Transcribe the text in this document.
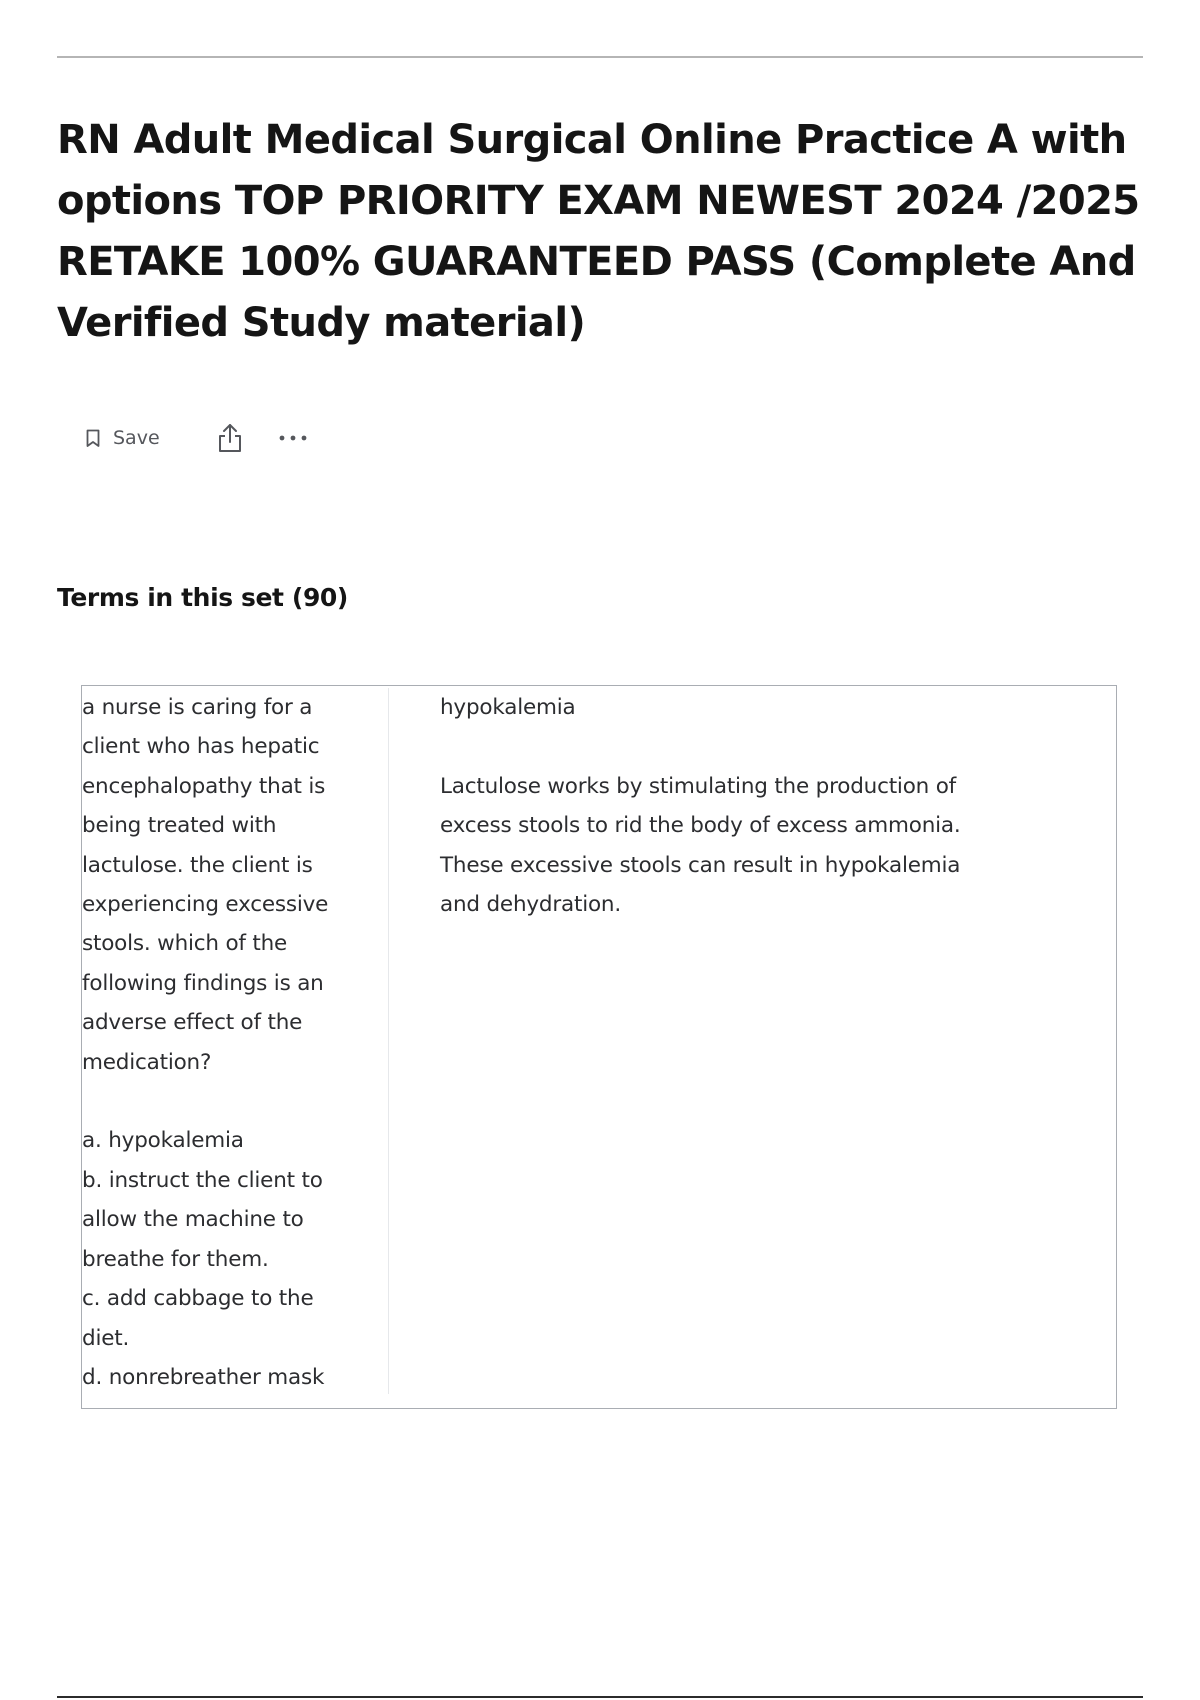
RN Adult Medical Surgical Online Practice A with options TOP PRIORITY EXAM NEWEST 2024 /2025 RETAKE 100% GUARANTEED PASS (Complete And Verified Study material)
Save
Terms in this set (90)
a nurse is caring for a
client who has hepatic
encephalopathy that is
being treated with
lactulose. the client is
experiencing excessive
stools. which of the
following findings is an
adverse effect of the
medication?

a. hypokalemia
b. instruct the client to
allow the machine to
breathe for them.
c. add cabbage to the
diet.
d. nonrebreather mask
hypokalemia

Lactulose works by stimulating the production of
excess stools to rid the body of excess ammonia.
These excessive stools can result in hypokalemia
and dehydration.
